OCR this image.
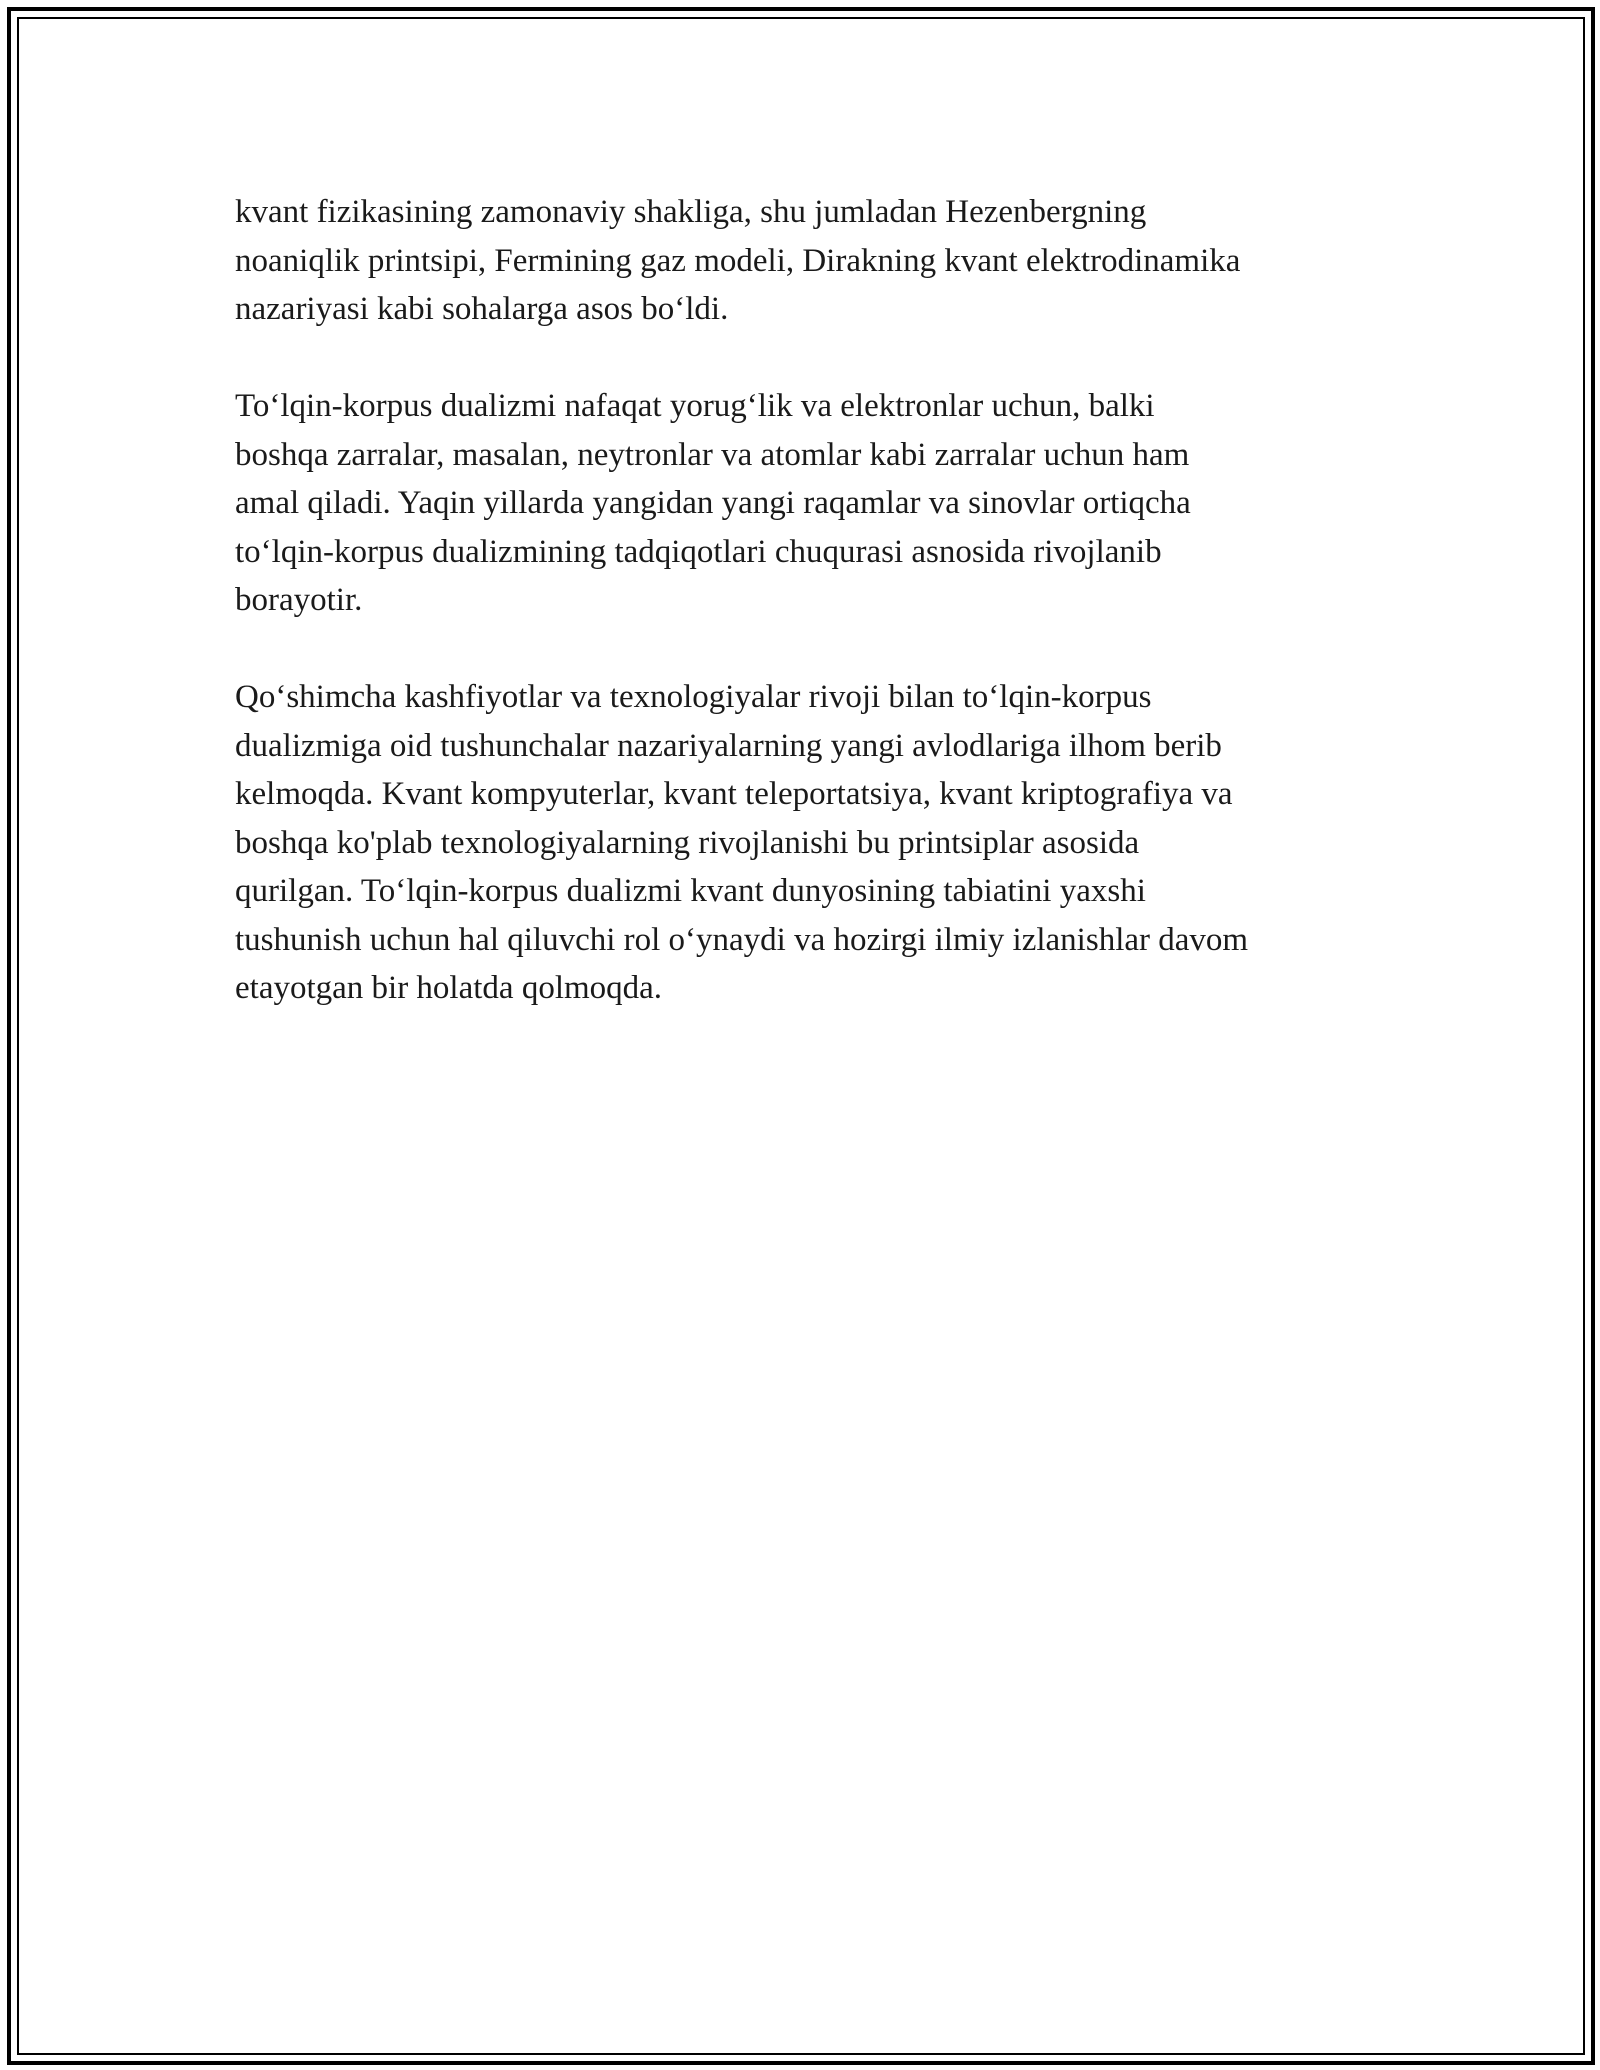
kvant fizikasining zamonaviy shakliga, shu jumladan Hezenbergning
noaniqlik printsipi, Fermining gaz modeli, Dirakning kvant elektrodinamika
nazariyasi kabi sohalarga asos bo‘ldi.

To‘lqin-korpus dualizmi nafaqat yorug‘lik va elektronlar uchun, balki
boshqa zarralar, masalan, neytronlar va atomlar kabi zarralar uchun ham
amal qiladi. Yaqin yillarda yangidan yangi raqamlar va sinovlar ortiqcha
to‘lqin-korpus dualizmining tadqiqotlari chuqurasi asnosida rivojlanib
borayotir.

Qo‘shimcha kashfiyotlar va texnologiyalar rivoji bilan to‘lqin-korpus
dualizmiga oid tushunchalar nazariyalarning yangi avlodlariga ilhom berib
kelmoqda. Kvant kompyuterlar, kvant teleportatsiya, kvant kriptografiya va
boshqa ko'plab texnologiyalarning rivojlanishi bu printsiplar asosida
qurilgan. To‘lqin-korpus dualizmi kvant dunyosining tabiatini yaxshi
tushunish uchun hal qiluvchi rol o‘ynaydi va hozirgi ilmiy izlanishlar davom
etayotgan bir holatda qolmoqda.
